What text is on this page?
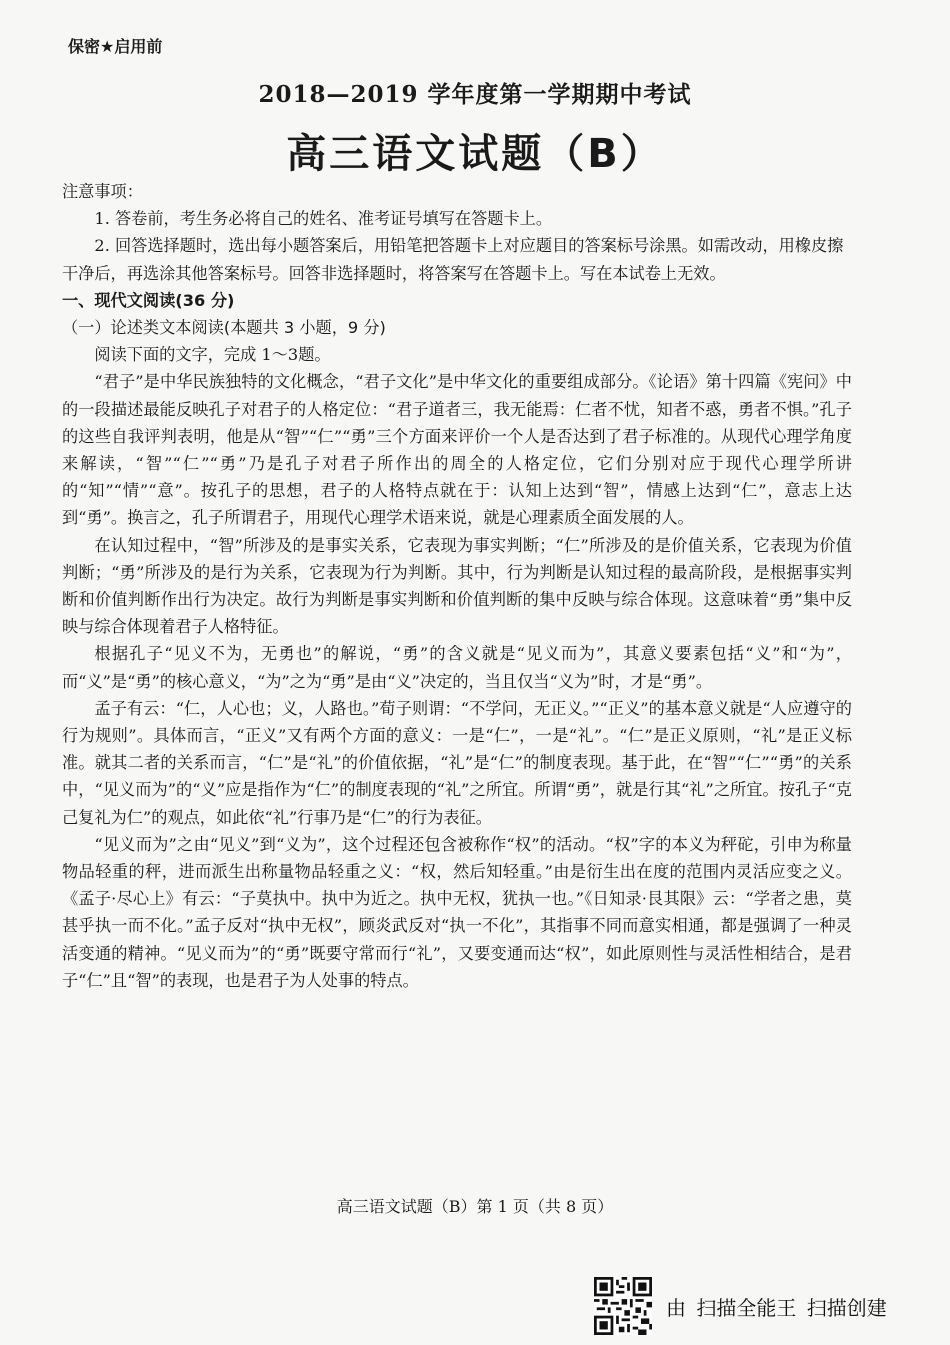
保密★启用前
2018—2019 学年度第一学期期中考试
高三语文试题（B）

注意事项：

1. 答卷前，考生务必将自己的姓名、准考证号填写在答题卡上。

2. 回答选择题时，选出每小题答案后，用铅笔把答题卡上对应题目的答案标号涂黑。如需改动，用橡皮擦干净后，再选涂其他答案标号。回答非选择题时，将答案写在答题卡上。写在本试卷上无效。

一、现代文阅读(36 分)

（一）论述类文本阅读(本题共 3 小题，9 分)

阅读下面的文字，完成 1～3题。

“君子”是中华民族独特的文化概念，“君子文化”是中华文化的重要组成部分。《论语》第十四篇《宪问》中的一段描述最能反映孔子对君子的人格定位：“君子道者三，我无能焉：仁者不忧，知者不惑，勇者不惧。”孔子的这些自我评判表明，他是从“智”“仁”“勇”三个方面来评价一个人是否达到了君子标准的。从现代心理学角度来解读，“智”“仁”“勇”乃是孔子对君子所作出的周全的人格定位，它们分别对应于现代心理学所讲的“知”“情”“意”。按孔子的思想，君子的人格特点就在于：认知上达到“智”，情感上达到“仁”，意志上达到“勇”。换言之，孔子所谓君子，用现代心理学术语来说，就是心理素质全面发展的人。

在认知过程中，“智”所涉及的是事实关系，它表现为事实判断；“仁”所涉及的是价值关系，它表现为价值判断；“勇”所涉及的是行为关系，它表现为行为判断。其中，行为判断是认知过程的最高阶段，是根据事实判断和价值判断作出行为决定。故行为判断是事实判断和价值判断的集中反映与综合体现。这意味着“勇”集中反映与综合体现着君子人格特征。

根据孔子“见义不为，无勇也”的解说，“勇”的含义就是“见义而为”，其意义要素包括“义”和“为”，而“义”是“勇”的核心意义，“为”之为“勇”是由“义”决定的，当且仅当“义为”时，才是“勇”。

孟子有云：“仁，人心也；义，人路也。”荀子则谓：“不学问，无正义。”“正义”的基本意义就是“人应遵守的行为规则”。具体而言，“正义”又有两个方面的意义：一是“仁”，一是“礼”。“仁”是正义原则，“礼”是正义标准。就其二者的关系而言，“仁”是“礼”的价值依据，“礼”是“仁”的制度表现。基于此，在“智”“仁”“勇”的关系中，“见义而为”的“义”应是指作为“仁”的制度表现的“礼”之所宜。所谓“勇”，就是行其“礼”之所宜。按孔子“克己复礼为仁”的观点，如此依“礼”行事乃是“仁”的行为表征。

“见义而为”之由“见义”到“义为”，这个过程还包含被称作“权”的活动。“权”字的本义为秤砣，引申为称量物品轻重的秤，进而派生出称量物品轻重之义：“权，然后知轻重。”由是衍生出在度的范围内灵活应变之义。《孟子·尽心上》有云：“子莫执中。执中为近之。执中无权，犹执一也。”《日知录·艮其限》云：“学者之患，莫甚乎执一而不化。”孟子反对“执中无权”，顾炎武反对“执一不化”，其指事不同而意实相通，都是强调了一种灵活变通的精神。“见义而为”的“勇”既要守常而行“礼”，又要变通而达“权”，如此原则性与灵活性相结合，是君子“仁”且“智”的表现，也是君子为人处事的特点。

高三语文试题（B）第 1 页（共 8 页）
由 扫描全能王 扫描创建
